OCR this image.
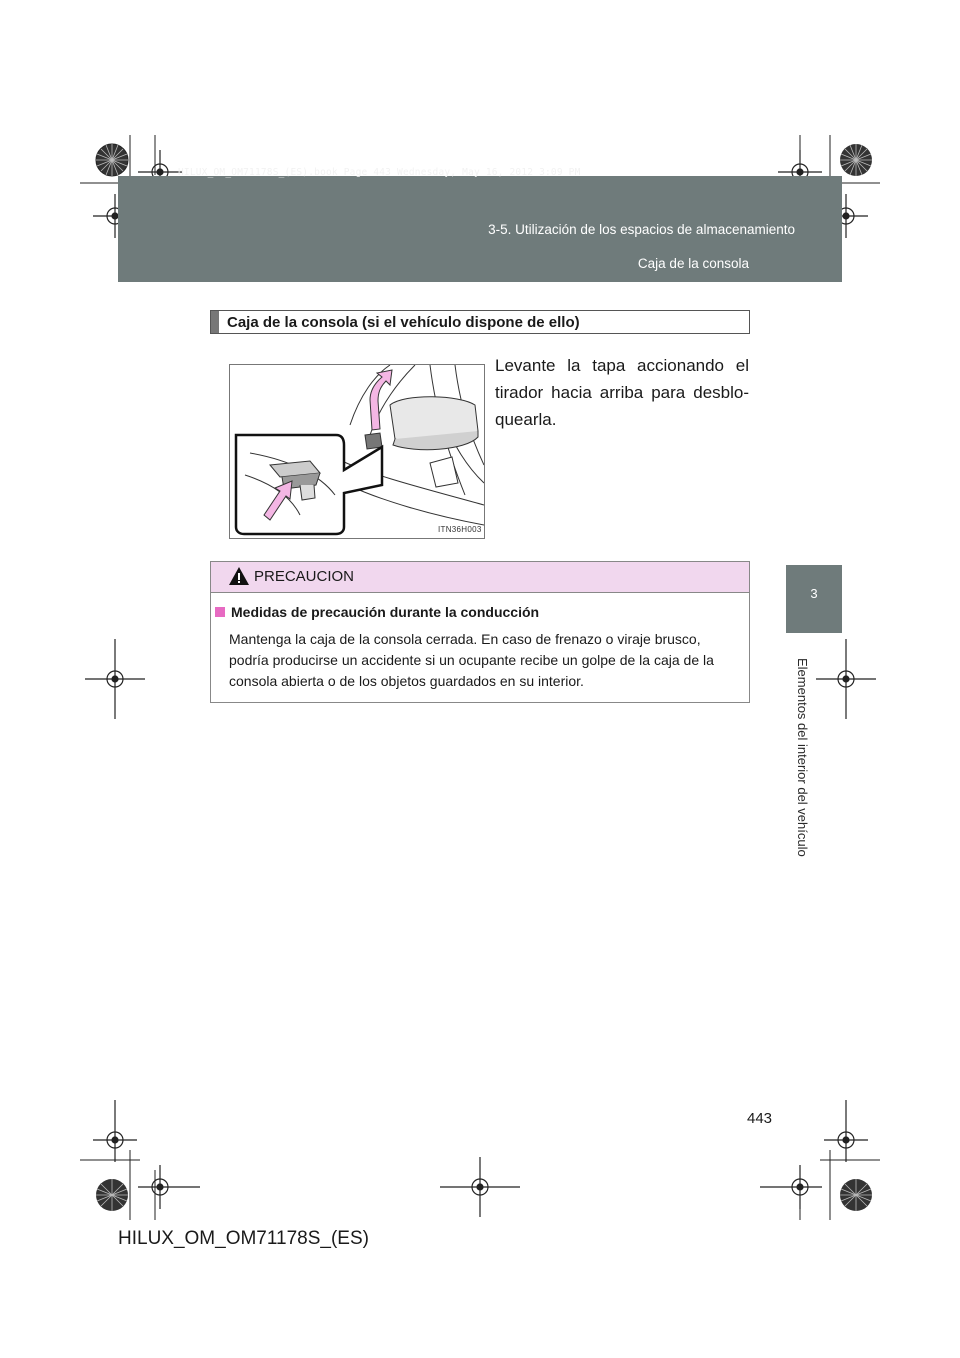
HILUX_OM_OM71178S_(ES).book Page 443 Wednesday, May 16, 2012 3:09 PM
3-5. Utilización de los espacios de almacenamiento
Caja de la consola
3
Elementos del interior del vehículo
Caja de la consola (si el vehículo dispone de ello)
ITN36H003
Levante la tapa accionando el tirador hacia arriba para desblo-quearla.
PRECAUCION
Medidas de precaución durante la conducción
Mantenga la caja de la consola cerrada. En caso de frenazo o viraje brusco, podría producirse un accidente si un ocupante recibe un golpe de la caja de la consola abierta o de los objetos guardados en su interior.
443
HILUX_OM_OM71178S_(ES)
